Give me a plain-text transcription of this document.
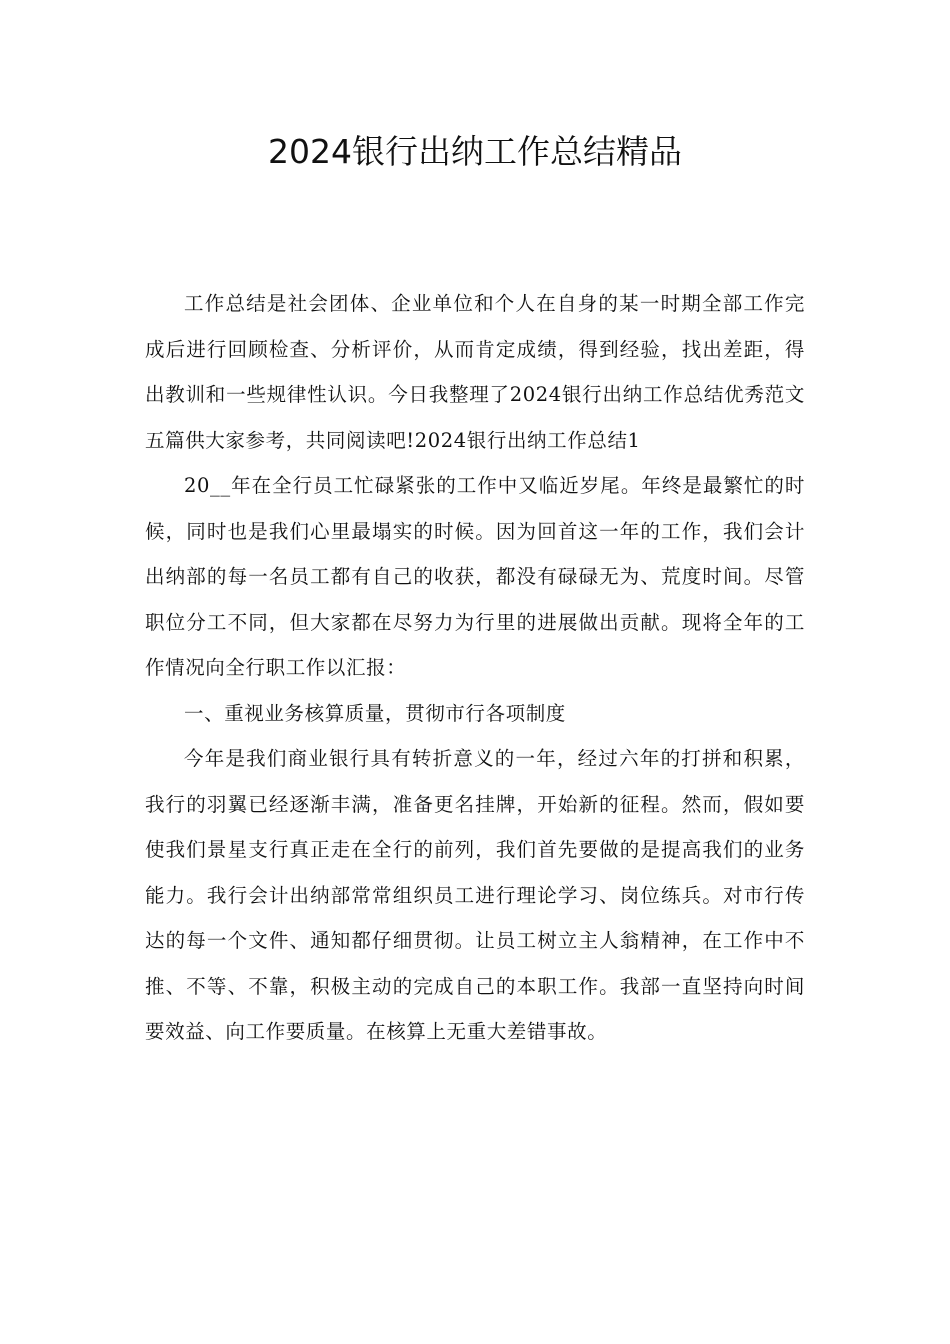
2024银行出纳工作总结精品

工作总结是社会团体、企业单位和个人在自身的某一时期全部工作完成后进行回顾检查、分析评价，从而肯定成绩，得到经验，找出差距，得出教训和一些规律性认识。今日我整理了2024银行出纳工作总结优秀范文五篇供大家参考，共同阅读吧!2024银行出纳工作总结1

20__年在全行员工忙碌紧张的工作中又临近岁尾。年终是最繁忙的时候，同时也是我们心里最塌实的时候。因为回首这一年的工作，我们会计出纳部的每一名员工都有自己的收获，都没有碌碌无为、荒度时间。尽管职位分工不同，但大家都在尽努力为行里的进展做出贡献。现将全年的工作情况向全行职工作以汇报：

一、重视业务核算质量，贯彻市行各项制度

今年是我们商业银行具有转折意义的一年，经过六年的打拼和积累，我行的羽翼已经逐渐丰满，准备更名挂牌，开始新的征程。然而，假如要使我们景星支行真正走在全行的前列，我们首先要做的是提高我们的业务能力。我行会计出纳部常常组织员工进行理论学习、岗位练兵。对市行传达的每一个文件、通知都仔细贯彻。让员工树立主人翁精神，在工作中不推、不等、不靠，积极主动的完成自己的本职工作。我部一直坚持向时间要效益、向工作要质量。在核算上无重大差错事故。
